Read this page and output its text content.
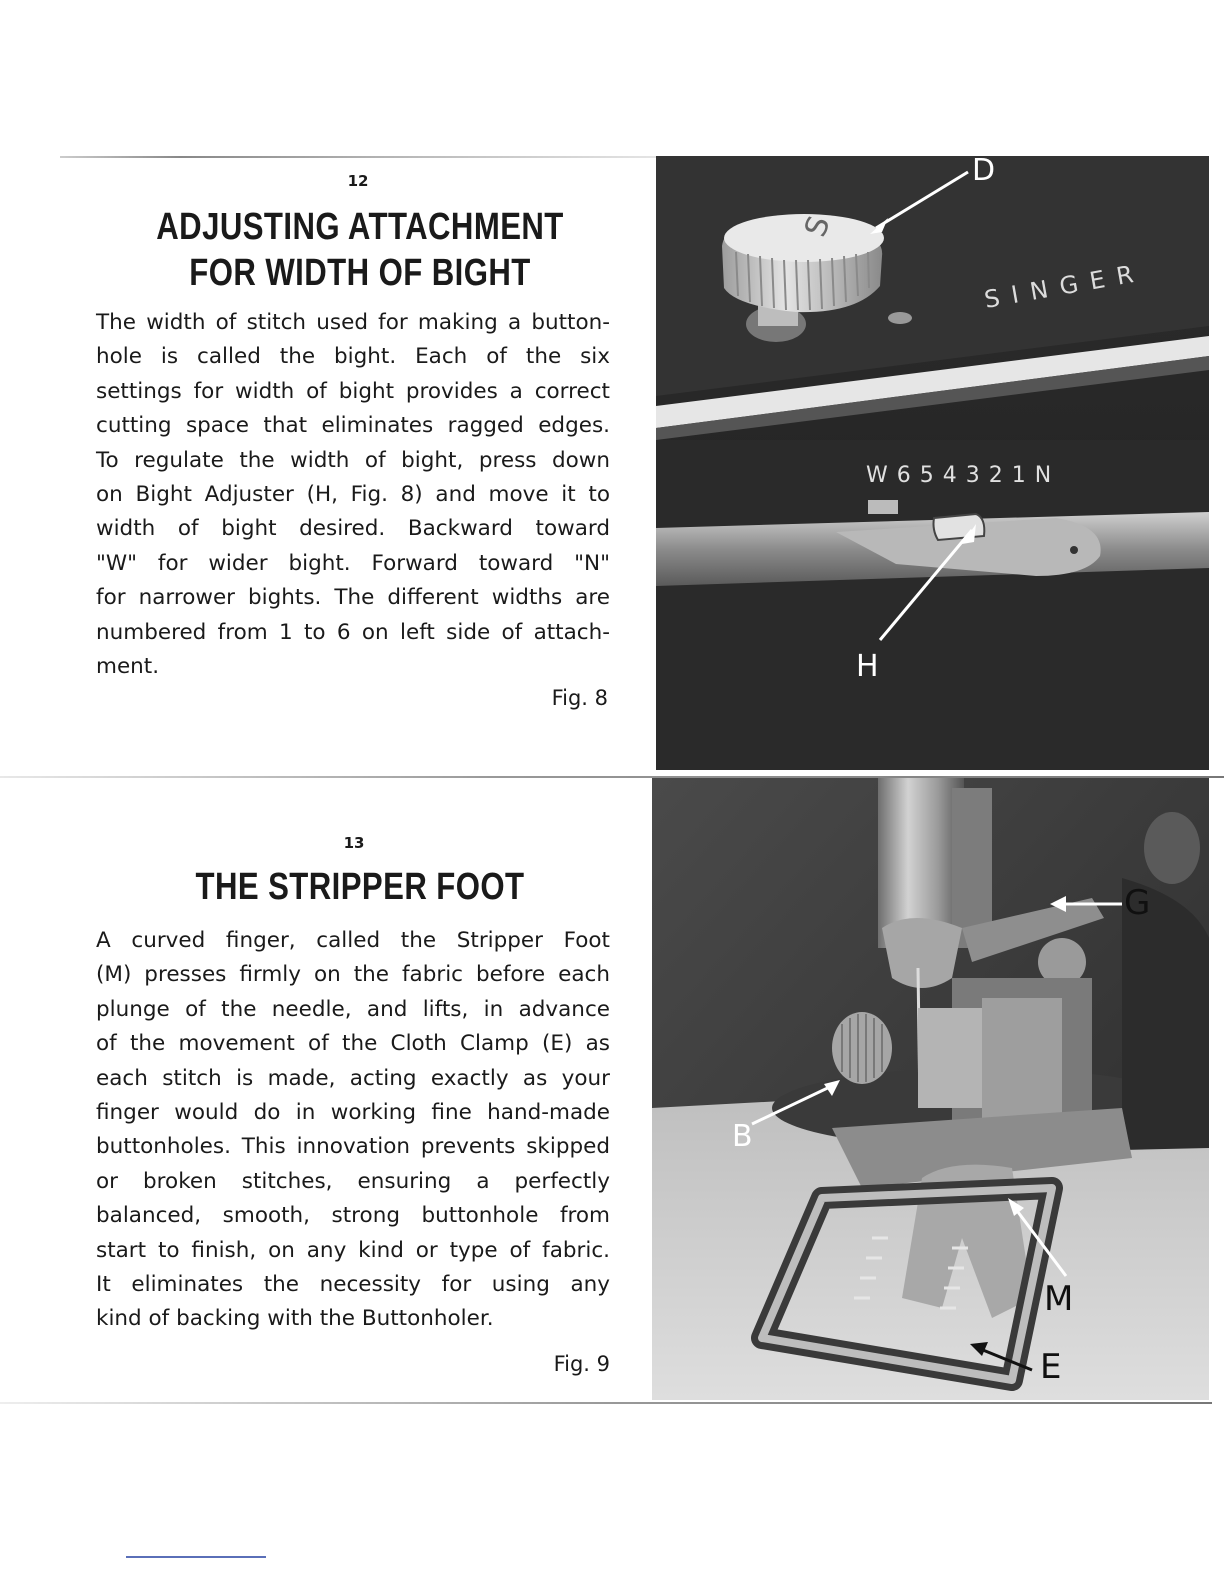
12
ADJUSTING ATTACHMENT
FOR WIDTH OF BIGHT
The width of stitch used for making a button-
hole is called the bight. Each of the six
settings for width of bight provides a correct
cutting space that eliminates ragged edges.
To regulate the width of bight, press down
on Bight Adjuster (H, Fig. 8) and move it to
width of bight desired. Backward toward
"W" for wider bight. Forward toward "N"
for narrower bights. The different widths are
numbered from 1 to 6 on left side of attach-
ment.
Fig. 8
S
SINGER
D
W 6 5 4 3 2 1 N
H
13
THE STRIPPER FOOT
A curved finger, called the Stripper Foot
(M) presses firmly on the fabric before each
plunge of the needle, and lifts, in advance
of the movement of the Cloth Clamp (E) as
each stitch is made, acting exactly as your
finger would do in working fine hand-made
buttonholes. This innovation prevents skipped
or broken stitches, ensuring a perfectly
balanced, smooth, strong buttonhole from
start to finish, on any kind or type of fabric.
It eliminates the necessity for using any
kind of backing with the Buttonholer.
Fig. 9
G
B
M
E
